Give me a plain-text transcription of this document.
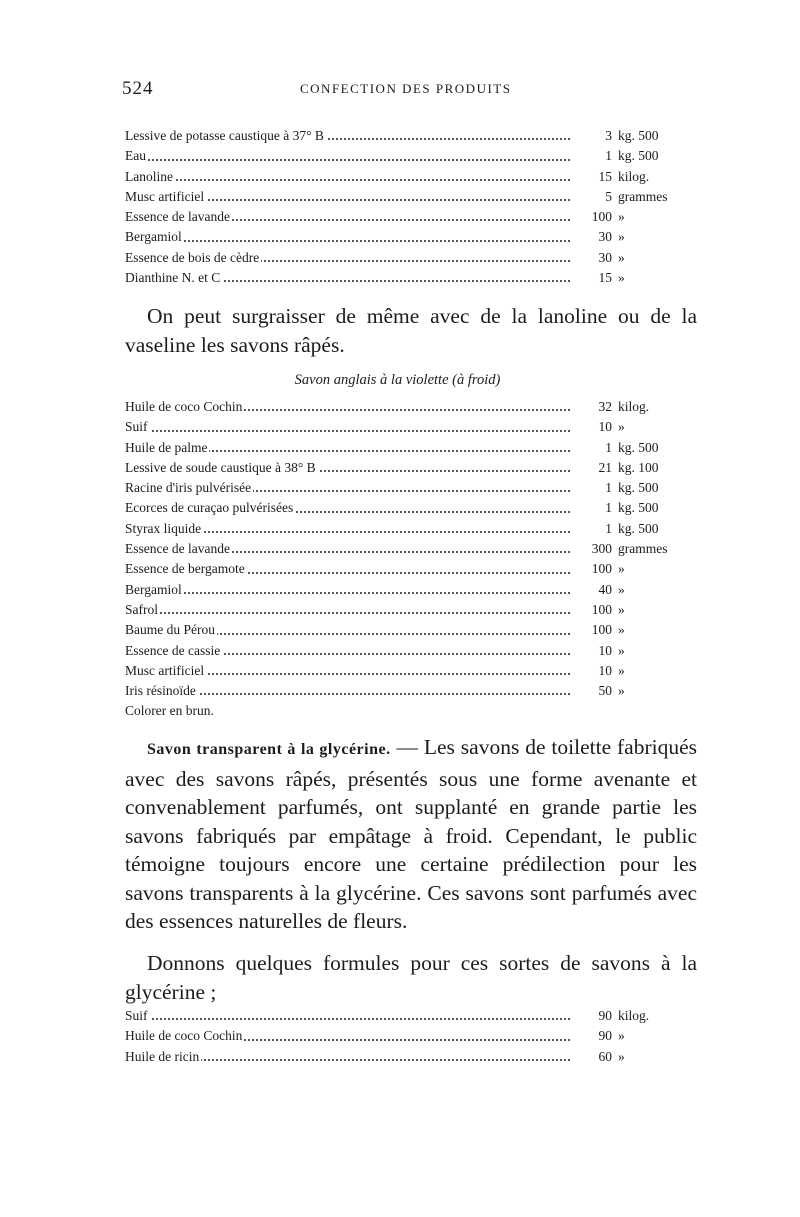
524	CONFECTION DES PRODUITS
Lessive de potasse caustique à 37° B	3 kg. 500
Eau	1 kg. 500
Lanoline	15 kilog.
Musc artificiel	5 grammes
Essence de lavande	100 »
Bergamiol	30 »
Essence de bois de cèdre	30 »
Dianthine N. et C	15 »

On peut surgraisser de même avec de la lanoline ou de la vaseline les savons râpés.

Savon anglais à la violette (à froid)
Huile de coco Cochin	32 kilog.
Suif	10 »
Huile de palme	1 kg. 500
Lessive de soude caustique à 38° B	21 kg. 100
Racine d'iris pulvérisée	1 kg. 500
Ecorces de curaçao pulvérisées	1 kg. 500
Styrax liquide	1 kg. 500
Essence de lavande	300 grammes
Essence de bergamote	100 »
Bergamiol	40 »
Safrol	100 »
Baume du Pérou	100 »
Essence de cassie	10 »
Musc artificiel	10 »
Iris résinoïde	50 »
Colorer en brun.

Savon transparent à la glycérine. — Les savons de toilette fabriqués avec des savons râpés, présentés sous une forme avenante et convenablement parfumés, ont supplanté en grande partie les savons fabriqués par empâtage à froid. Cependant, le public témoigne toujours encore une certaine prédilection pour les savons transparents à la glycérine. Ces savons sont parfumés avec des essences naturelles de fleurs.

Donnons quelques formules pour ces sortes de savons à la glycérine ;

Suif	90 kilog.
Huile de coco Cochin	90 »
Huile de ricin	60 »
